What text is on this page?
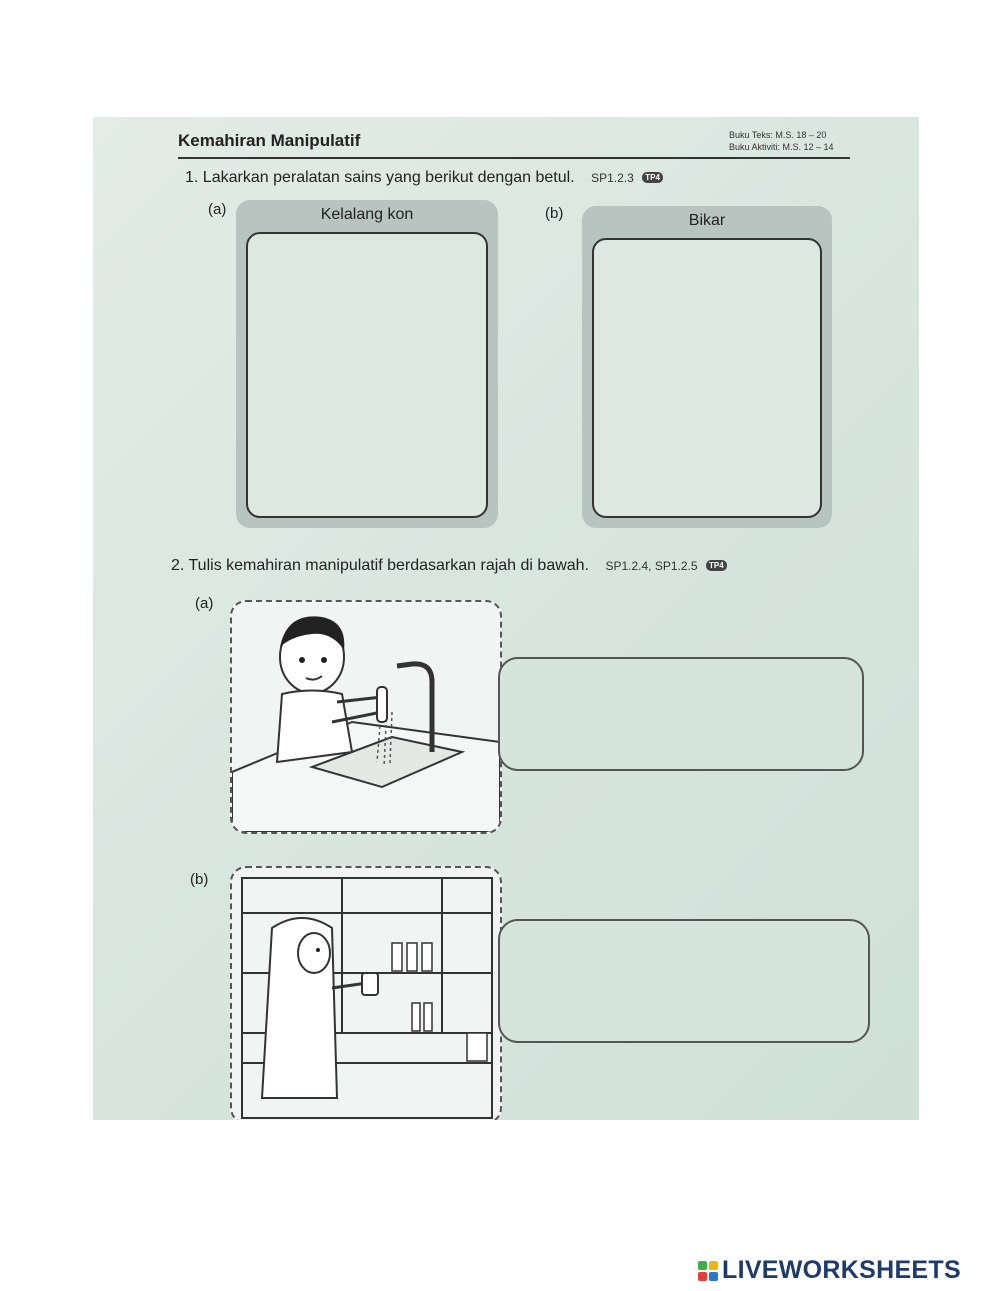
Kemahiran Manipulatif	Buku Teks: M.S. 18 – 20
Buku Aktiviti: M.S. 12 – 14
1. Lakarkan peralatan sains yang berikut dengan betul. SP1.2.3 TP4
(a)	Kelalang kon	(b)	Bikar
2. Tulis kemahiran manipulatif berdasarkan rajah di bawah. SP1.2.4, SP1.2.5 TP4
(a)
(b)
LIVEWORKSHEETS
